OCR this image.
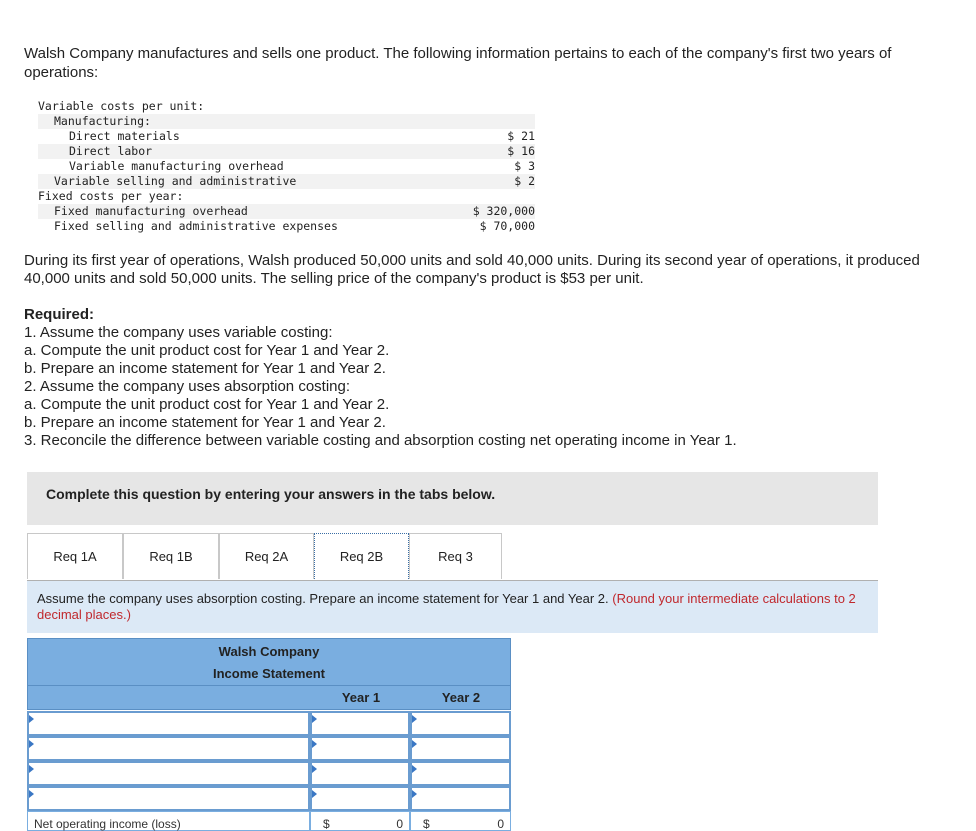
Walsh Company manufactures and sells one product. The following information pertains to each of the company's first two years of operations:

Variable costs per unit:	
Manufacturing:	
Direct materials	$ 21
Direct labor	$ 16
Variable manufacturing overhead	$ 3
Variable selling and administrative	$ 2
Fixed costs per year:	
Fixed manufacturing overhead	$ 320,000
Fixed selling and administrative expenses	$ 70,000

During its first year of operations, Walsh produced 50,000 units and sold 40,000 units. During its second year of operations, it produced 40,000 units and sold 50,000 units. The selling price of the company's product is $53 per unit.

Required:
1. Assume the company uses variable costing:
a. Compute the unit product cost for Year 1 and Year 2.
b. Prepare an income statement for Year 1 and Year 2.
2. Assume the company uses absorption costing:
a. Compute the unit product cost for Year 1 and Year 2.
b. Prepare an income statement for Year 1 and Year 2.
3. Reconcile the difference between variable costing and absorption costing net operating income in Year 1.
Complete this question by entering your answers in the tabs below.
Req 1A	Req 1B	Req 2A	Req 2B	Req 3

Assume the company uses absorption costing. Prepare an income statement for Year 1 and Year 2. (Round your intermediate calculations to 2 decimal places.)

Walsh Company
Income Statement
Year 1	Year 2
Net operating income (loss)	$	0 $	0
